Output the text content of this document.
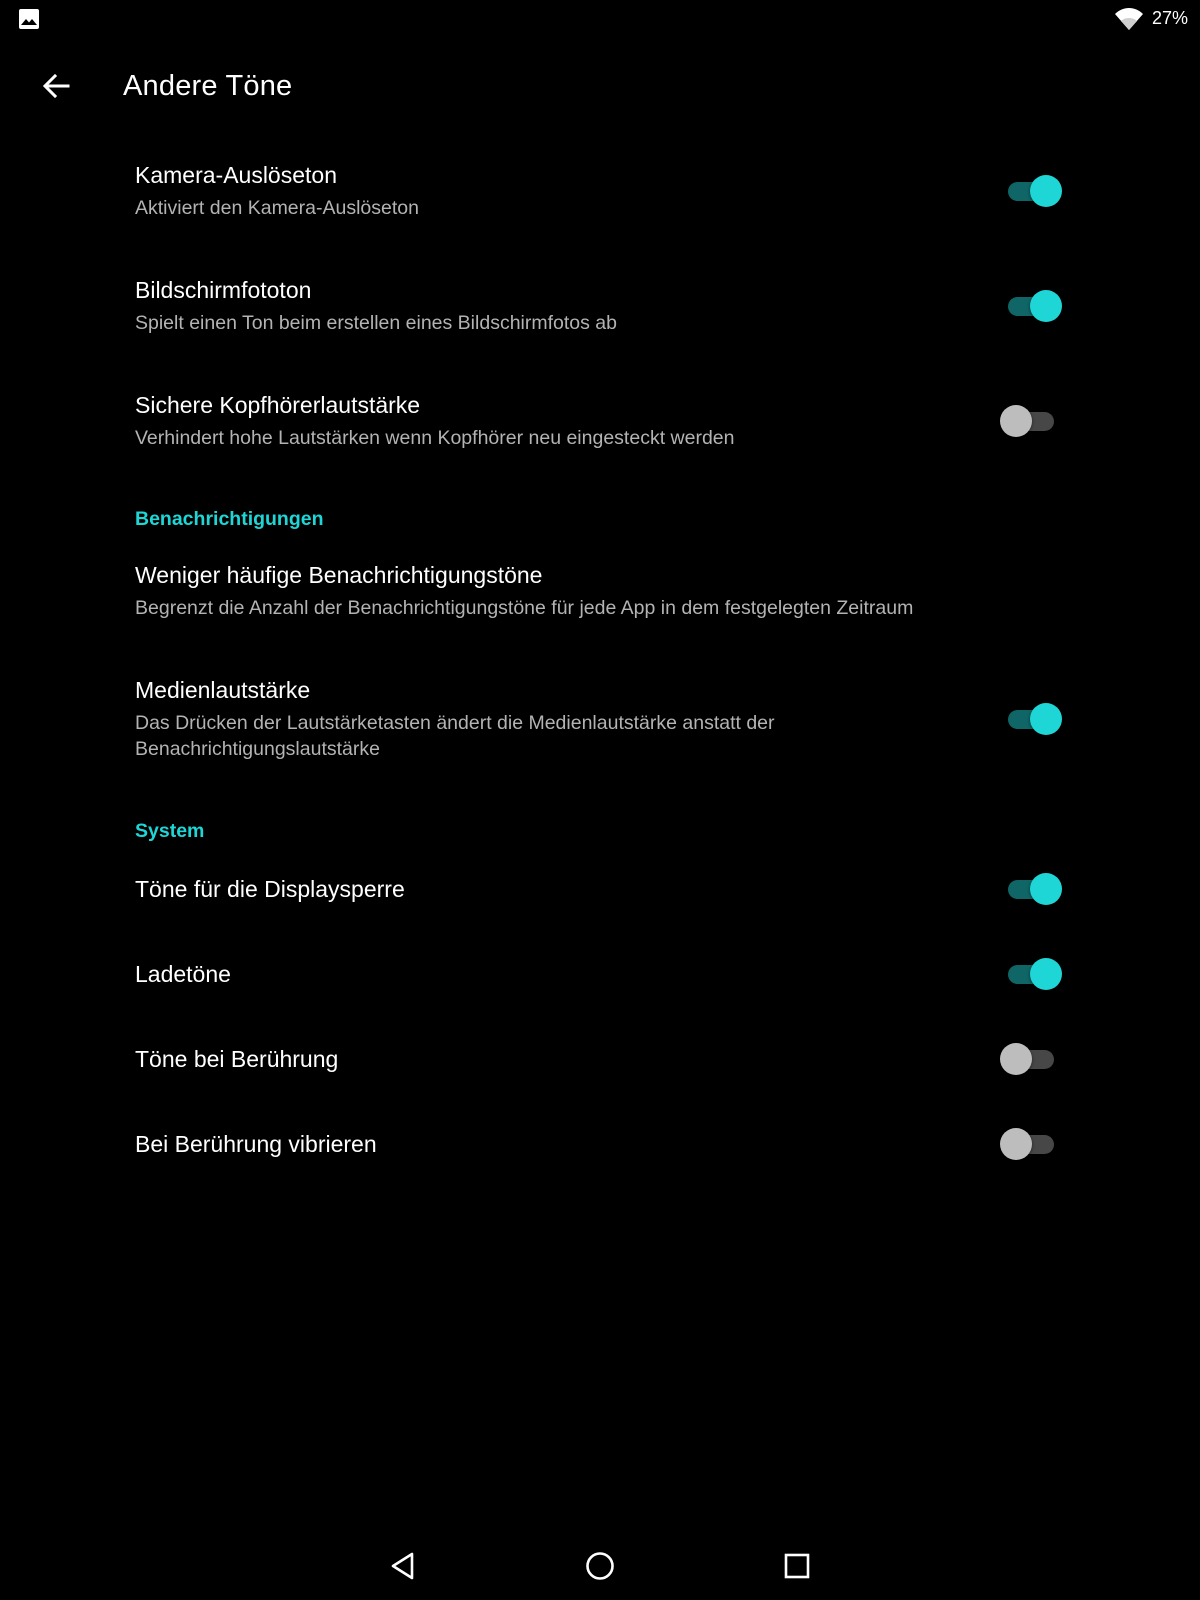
27%
Andere Töne
Kamera-Auslöseton
Aktiviert den Kamera-Auslöseton
Bildschirmfototon
Spielt einen Ton beim erstellen eines Bildschirmfotos ab
Sichere Kopfhörerlautstärke
Verhindert hohe Lautstärken wenn Kopfhörer neu eingesteckt werden
Benachrichtigungen
Weniger häufige Benachrichtigungstöne
Begrenzt die Anzahl der Benachrichtigungstöne für jede App in dem festgelegten Zeitraum
Medienlautstärke
Das Drücken der Lautstärketasten ändert die Medienlautstärke anstatt der Benachrichtigungslautstärke
System
Töne für die Displaysperre
Ladetöne
Töne bei Berührung
Bei Berührung vibrieren
